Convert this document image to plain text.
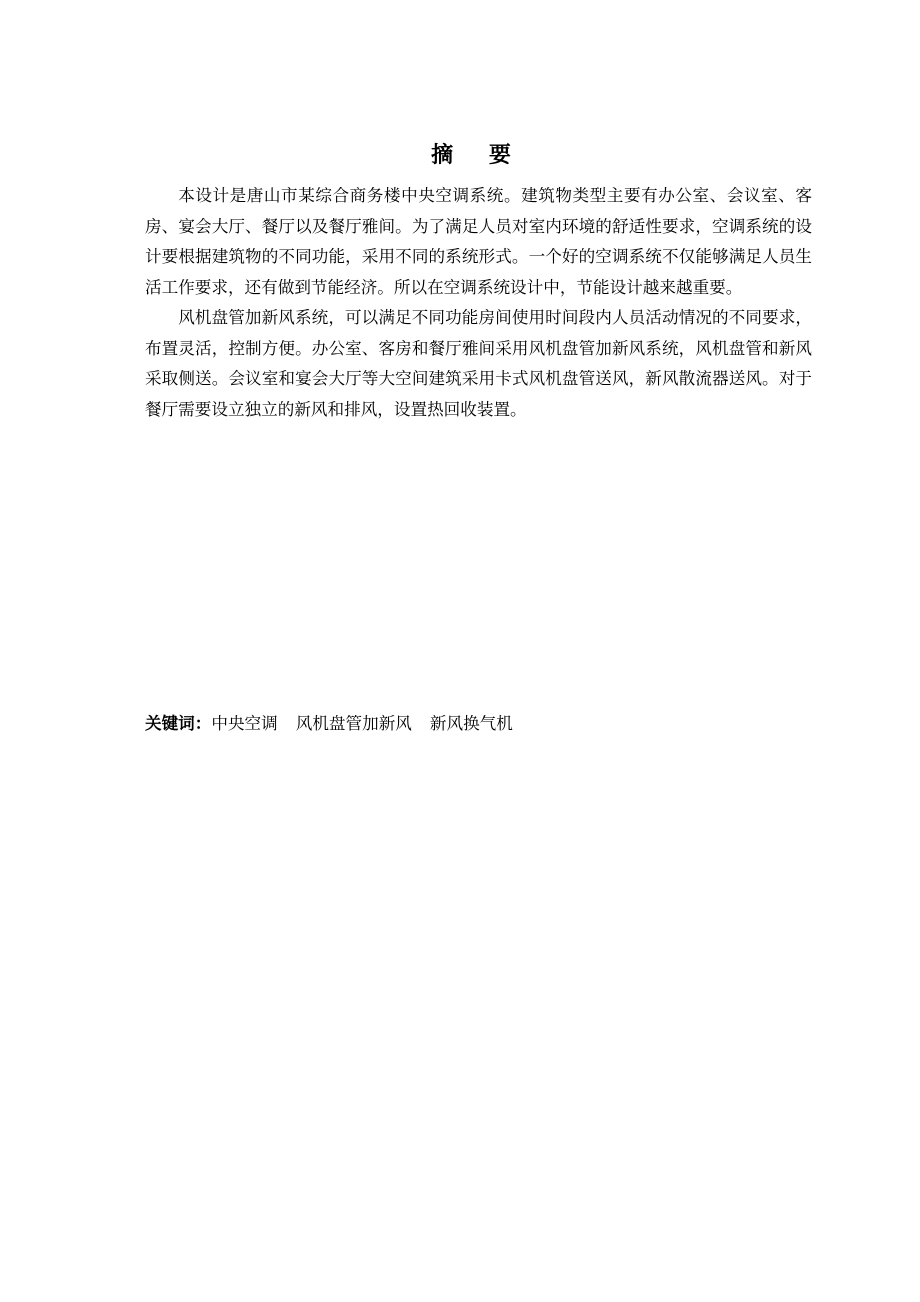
摘 要

本设计是唐山市某综合商务楼中央空调系统。建筑物类型主要有办公室、会议室、客房、宴会大厅、餐厅以及餐厅雅间。为了满足人员对室内环境的舒适性要求，空调系统的设计要根据建筑物的不同功能，采用不同的系统形式。一个好的空调系统不仅能够满足人员生活工作要求，还有做到节能经济。所以在空调系统设计中，节能设计越来越重要。

风机盘管加新风系统，可以满足不同功能房间使用时间段内人员活动情况的不同要求，布置灵活，控制方便。办公室、客房和餐厅雅间采用风机盘管加新风系统，风机盘管和新风采取侧送。会议室和宴会大厅等大空间建筑采用卡式风机盘管送风，新风散流器送风。对于餐厅需要设立独立的新风和排风，设置热回收装置。

关键词：中央空调 风机盘管加新风 新风换气机
